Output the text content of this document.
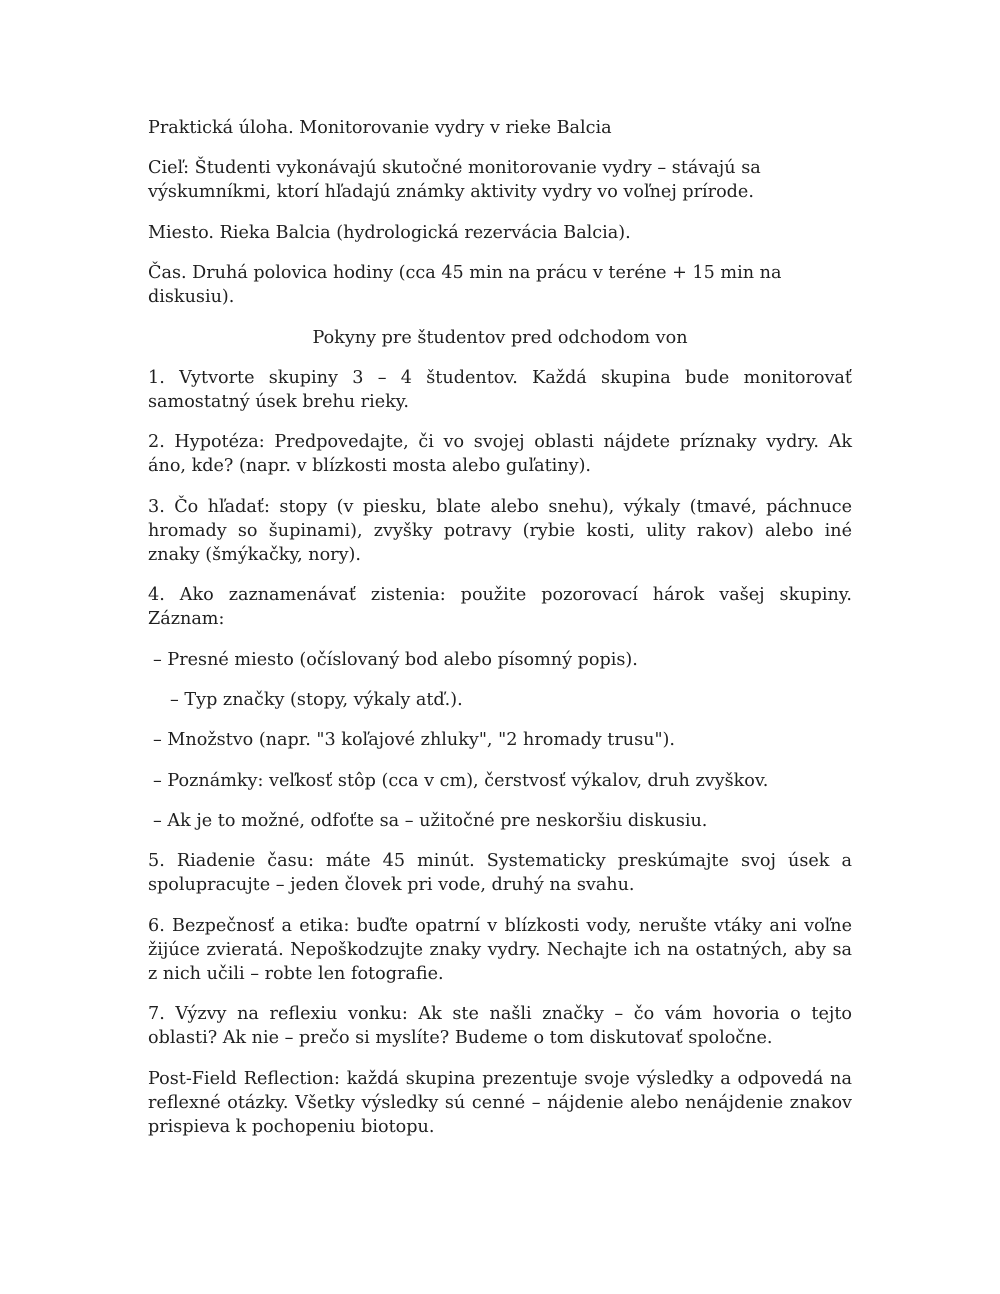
Praktická úloha. Monitorovanie vydry v rieke Balcia

Cieľ: Študenti vykonávajú skutočné monitorovanie vydry – stávajú sa výskumníkmi, ktorí hľadajú známky aktivity vydry vo voľnej prírode.

Miesto. Rieka Balcia (hydrologická rezervácia Balcia).

Čas. Druhá polovica hodiny (cca 45 min na prácu v teréne + 15 min na diskusiu).

Pokyny pre študentov pred odchodom von

1. Vytvorte skupiny 3 – 4 študentov. Každá skupina bude monitorovať samostatný úsek brehu rieky.

2. Hypotéza: Predpovedajte, či vo svojej oblasti nájdete príznaky vydry. Ak áno, kde? (napr. v blízkosti mosta alebo guľatiny).

3. Čo hľadať: stopy (v piesku, blate alebo snehu), výkaly (tmavé, páchnuce hromady so šupinami), zvyšky potravy (rybie kosti, ulity rakov) alebo iné znaky (šmýkačky, nory).

4. Ako zaznamenávať zistenia: použite pozorovací hárok vašej skupiny. Záznam:

– Presné miesto (očíslovaný bod alebo písomný popis).

– Typ značky (stopy, výkaly atď.).

– Množstvo (napr. "3 koľajové zhluky", "2 hromady trusu").

– Poznámky: veľkosť stôp (cca v cm), čerstvosť výkalov, druh zvyškov.

– Ak je to možné, odfoťte sa – užitočné pre neskoršiu diskusiu.

5. Riadenie času: máte 45 minút. Systematicky preskúmajte svoj úsek a spolupracujte – jeden človek pri vode, druhý na svahu.

6. Bezpečnosť a etika: buďte opatrní v blízkosti vody, nerušte vtáky ani voľne žijúce zvieratá. Nepoškodzujte znaky vydry. Nechajte ich na ostatných, aby sa z nich učili – robte len fotografie.

7. Výzvy na reflexiu vonku: Ak ste našli značky – čo vám hovoria o tejto oblasti? Ak nie – prečo si myslíte? Budeme o tom diskutovať spoločne.

Post-Field Reflection: každá skupina prezentuje svoje výsledky a odpovedá na reflexné otázky. Všetky výsledky sú cenné – nájdenie alebo nenájdenie znakov prispieva k pochopeniu biotopu.
